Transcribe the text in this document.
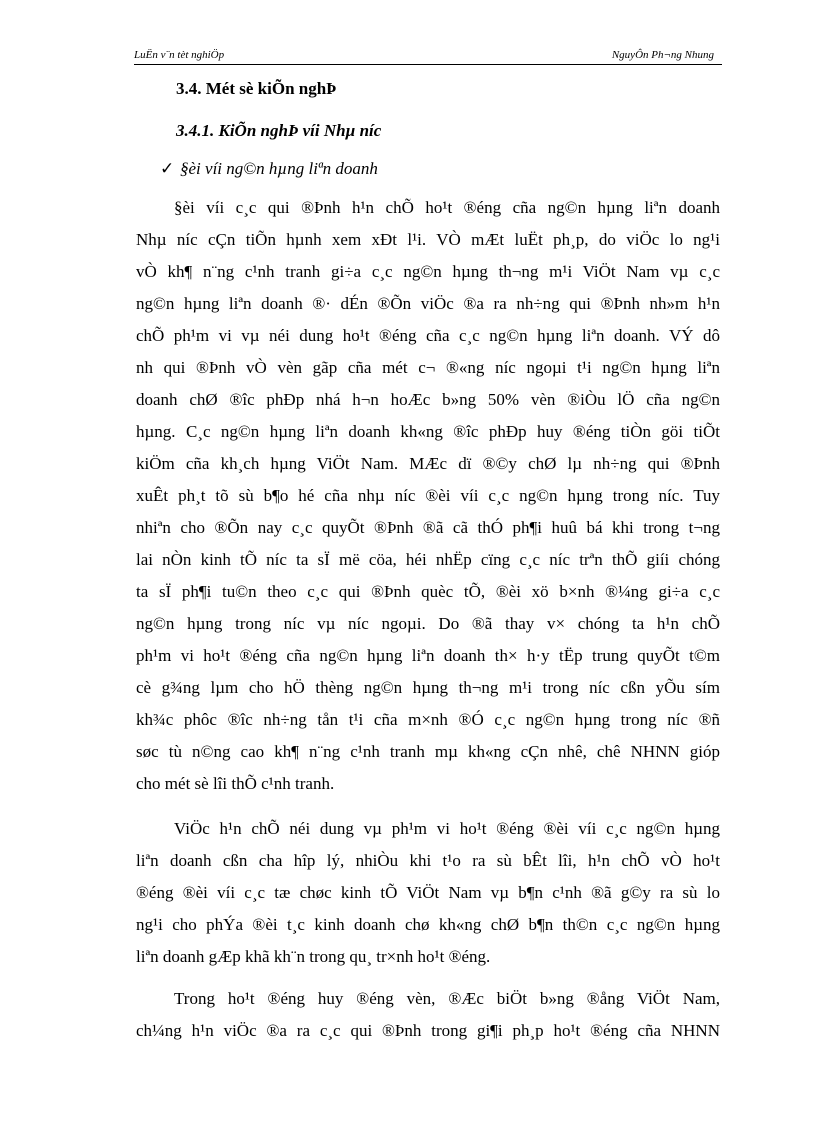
LuËn v¨n tèt nghiÖp	NguyÔn Ph¬ng Nhung
3.4. Mét sè kiÕn nghÞ
3.4.1. KiÕn nghÞ víi Nhµ níc
✓ §èi víi ng©n hµng liªn doanh
§èi víi c¸c qui ®Þnh h¹n chÕ ho¹t ®éng cña ng©n hµng liªn doanh
Nhµ níc cÇn tiÕn hµnh xem xÐt l¹i. VÒ mÆt luËt ph¸p, do viÖc lo ng¹i
vÒ kh¶ n¨ng c¹nh tranh gi÷a c¸c ng©n hµng th¬ng m¹i ViÖt Nam vµ c¸c
ng©n hµng liªn doanh ®· dÉn ®Õn viÖc ®a ra nh÷ng qui ®Þnh nh»m h¹n
chÕ ph¹m vi vµ néi dung ho¹t ®éng cña c¸c ng©n hµng liªn doanh. VÝ dô
nh qui ®Þnh vÒ vèn gãp cña mét c¬ ®«ng níc ngoµi t¹i ng©n hµng liªn
doanh chØ ®îc phÐp nhá h¬n hoÆc b»ng 50% vèn ®iÒu lÖ cña ng©n
hµng. C¸c ng©n hµng liªn doanh kh«ng ®îc phÐp huy ®éng tiÒn göi tiÕt
kiÖm cña kh¸ch hµng ViÖt Nam. MÆc dï ®©y chØ lµ nh÷ng qui ®Þnh
xuÊt ph¸t tõ sù b¶o hé cña nhµ níc ®èi víi c¸c ng©n hµng trong níc. Tuy
nhiªn cho ®Õn nay c¸c quyÕt ®Þnh ®ã cã thÓ ph¶i huû bá khi trong t¬ng
lai nÒn kinh tÕ níc ta sÏ më cöa, héi nhËp cïng c¸c níc trªn thÕ giíi chóng
ta sÏ ph¶i tu©n theo c¸c qui ®Þnh quèc tÕ, ®èi xö b×nh ®¼ng gi÷a c¸c
ng©n hµng trong níc vµ níc ngoµi. Do ®ã thay v× chóng ta h¹n chÕ
ph¹m vi ho¹t ®éng cña ng©n hµng liªn doanh th× h·y tËp trung quyÕt t©m
cè g¾ng lµm cho hÖ thèng ng©n hµng th¬ng m¹i trong níc cßn yÕu sím
kh¾c phôc ®îc nh÷ng tån t¹i cña m×nh ®Ó c¸c ng©n hµng trong níc ®ñ
søc tù n©ng cao kh¶ n¨ng c¹nh tranh mµ kh«ng cÇn nhê, chê NHNN gióp
cho mét sè lîi thÕ c¹nh tranh.
ViÖc h¹n chÕ néi dung vµ ph¹m vi ho¹t ®éng ®èi víi c¸c ng©n hµng
liªn doanh cßn cha hîp lý, nhiÒu khi t¹o ra sù bÊt lîi, h¹n chÕ vÒ ho¹t
®éng ®èi víi c¸c tæ chøc kinh tÕ ViÖt Nam vµ b¶n c¹nh ®ã g©y ra sù lo
ng¹i cho phÝa ®èi t¸c kinh doanh chø kh«ng chØ b¶n th©n c¸c ng©n hµng
liªn doanh gÆp khã kh¨n trong qu¸ tr×nh ho¹t ®éng.
Trong ho¹t ®éng huy ®éng vèn, ®Æc biÖt b»ng ®ång ViÖt Nam,
ch¼ng h¹n viÖc ®a ra c¸c qui ®Þnh trong gi¶i ph¸p ho¹t ®éng cña NHNN
